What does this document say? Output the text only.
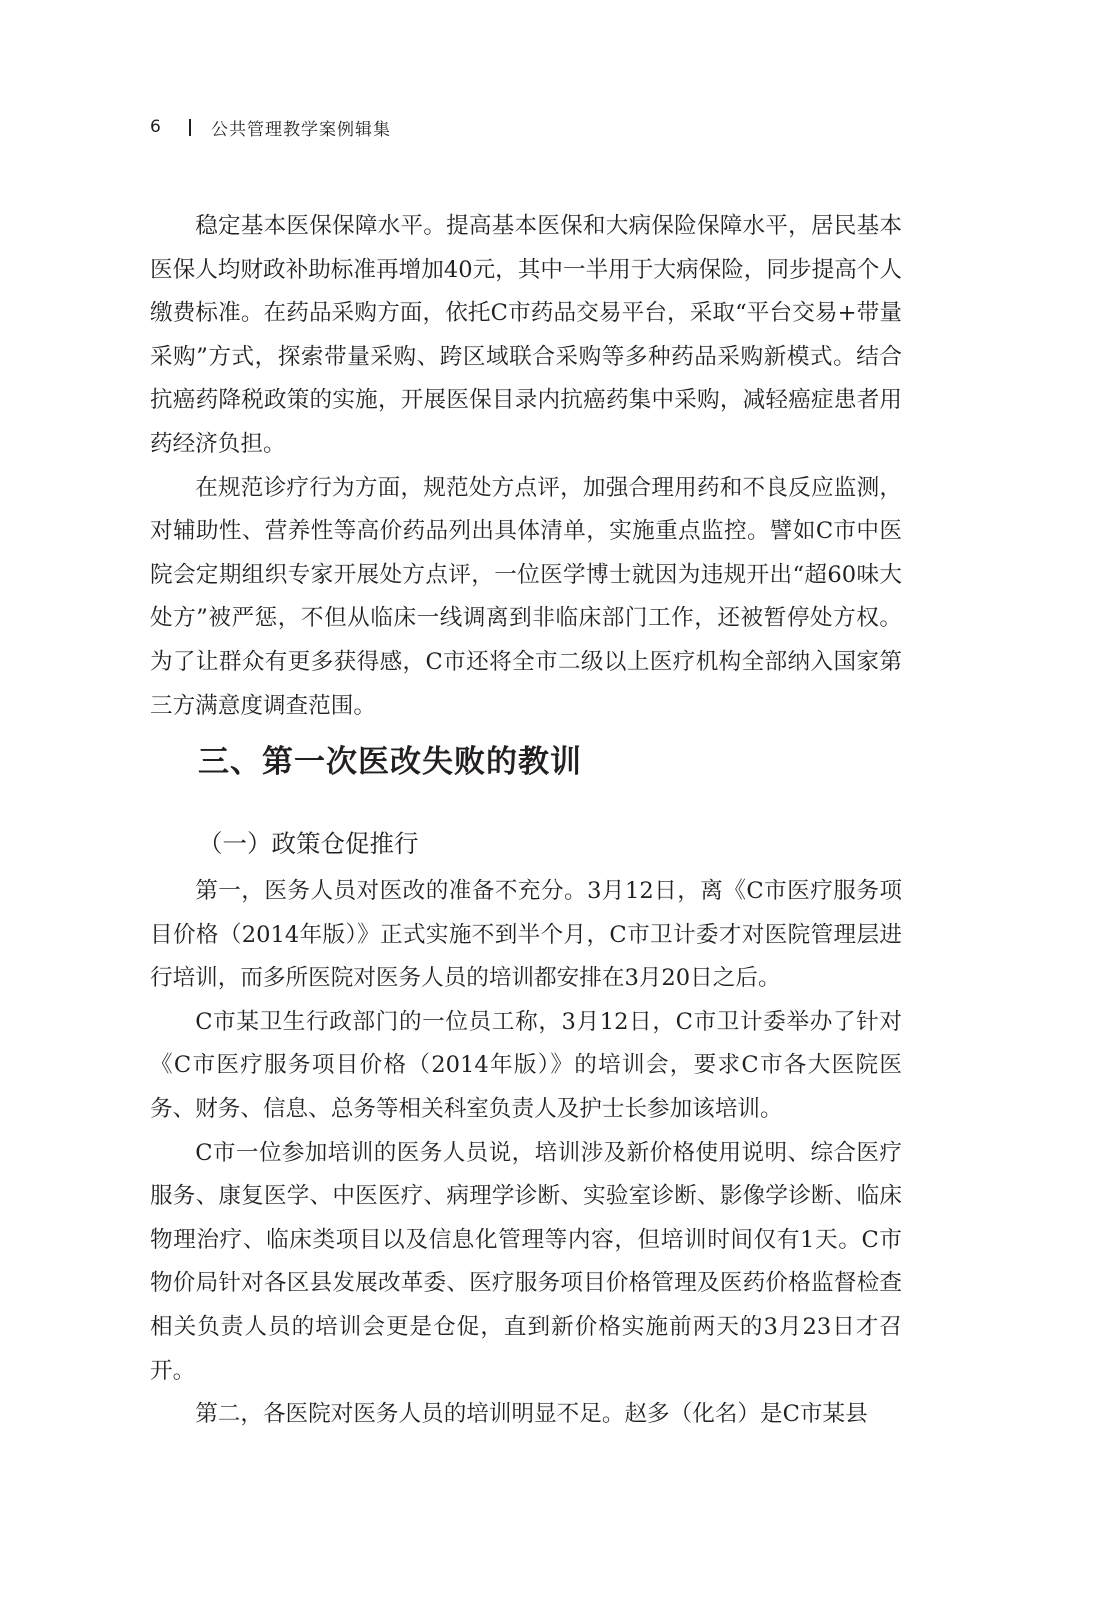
6	公共管理教学案例辑集

稳定基本医保保障水平。提高基本医保和大病保险保障水平，居民基本医保人均财政补助标准再增加40元，其中一半用于大病保险，同步提高个人缴费标准。在药品采购方面，依托C市药品交易平台，采取“平台交易+带量采购”方式，探索带量采购、跨区域联合采购等多种药品采购新模式。结合抗癌药降税政策的实施，开展医保目录内抗癌药集中采购，减轻癌症患者用药经济负担。

在规范诊疗行为方面，规范处方点评，加强合理用药和不良反应监测，对辅助性、营养性等高价药品列出具体清单，实施重点监控。譬如C市中医院会定期组织专家开展处方点评，一位医学博士就因为违规开出“超60味大处方”被严惩，不但从临床一线调离到非临床部门工作，还被暂停处方权。为了让群众有更多获得感，C市还将全市二级以上医疗机构全部纳入国家第三方满意度调查范围。

三、第一次医改失败的教训
（一）政策仓促推行

第一，医务人员对医改的准备不充分。3月12日，离《C市医疗服务项目价格（2014年版）》正式实施不到半个月，C市卫计委才对医院管理层进行培训，而多所医院对医务人员的培训都安排在3月20日之后。

C市某卫生行政部门的一位员工称，3月12日，C市卫计委举办了针对《C市医疗服务项目价格（2014年版）》的培训会，要求C市各大医院医务、财务、信息、总务等相关科室负责人及护士长参加该培训。

C市一位参加培训的医务人员说，培训涉及新价格使用说明、综合医疗服务、康复医学、中医医疗、病理学诊断、实验室诊断、影像学诊断、临床物理治疗、临床类项目以及信息化管理等内容，但培训时间仅有1天。C市物价局针对各区县发展改革委、医疗服务项目价格管理及医药价格监督检查相关负责人员的培训会更是仓促，直到新价格实施前两天的3月23日才召开。

第二，各医院对医务人员的培训明显不足。赵多（化名）是C市某县
